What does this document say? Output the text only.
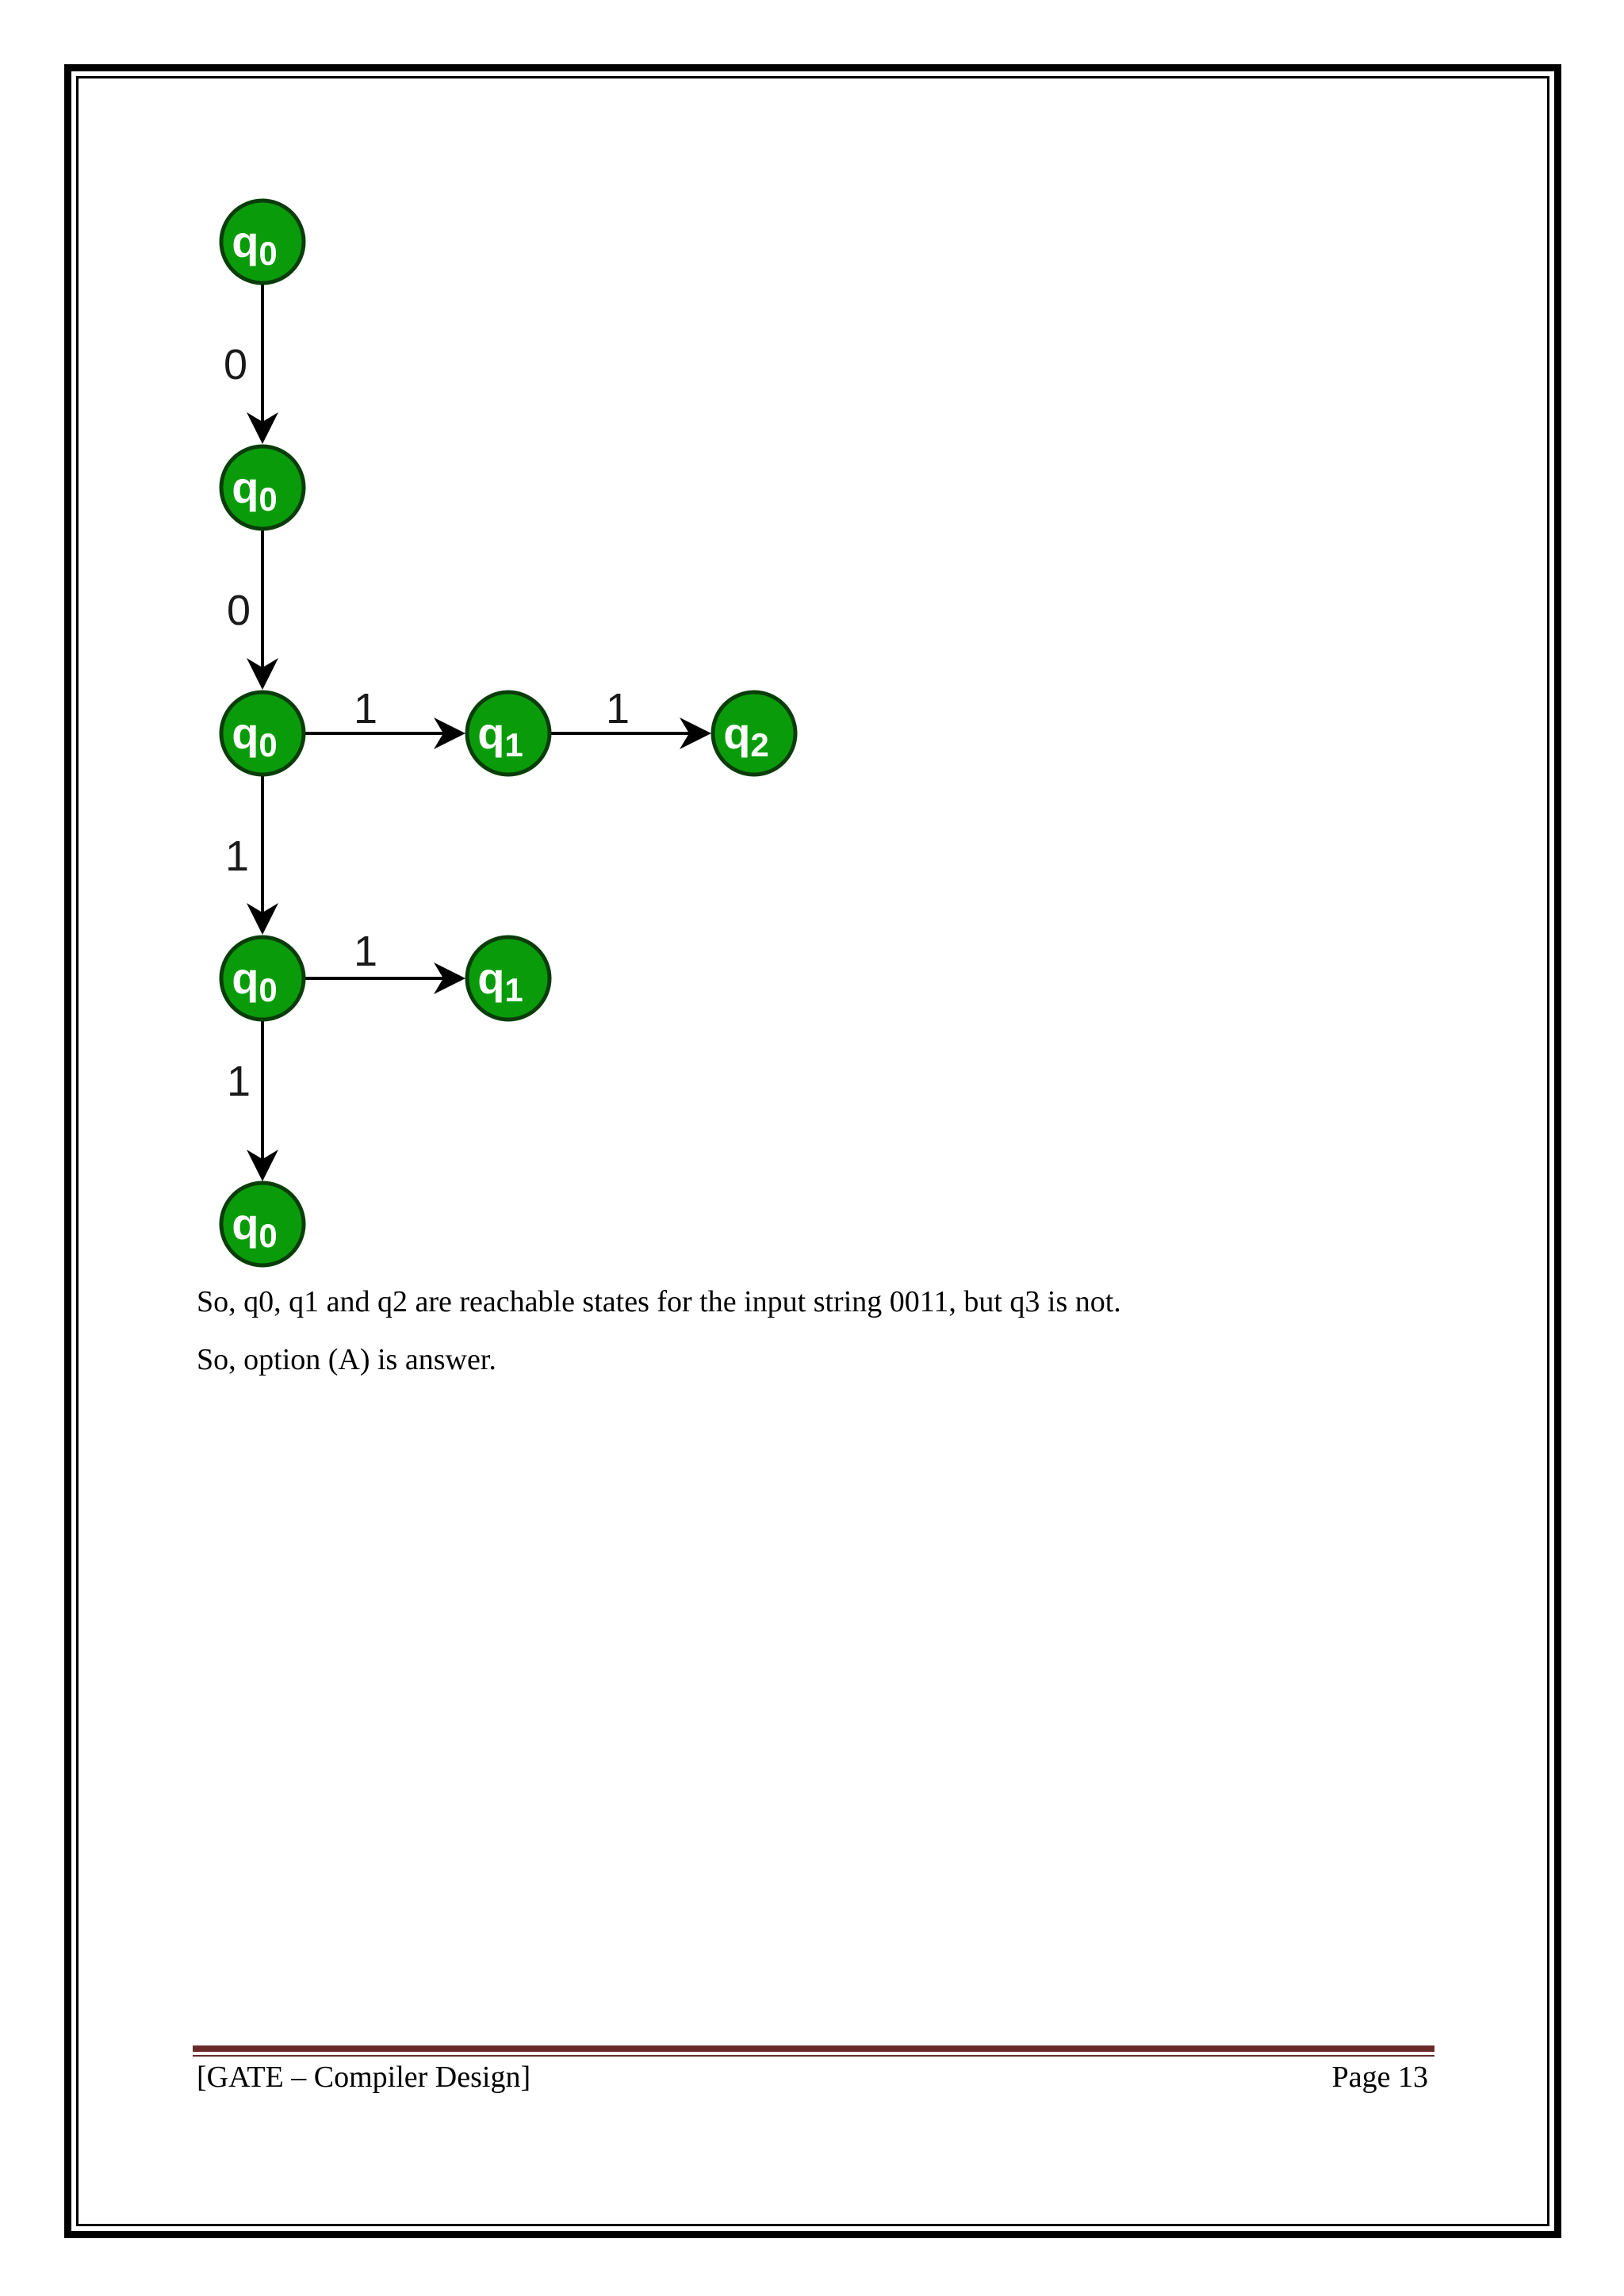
0
0
1	1
1
1
1
q0
q0
q0	q1	q2
q0	q1
q0
So, q0, q1 and q2 are reachable states for the input string 0011, but q3 is not.
So, option (A) is answer.
[GATE – Compiler Design]	Page 13
